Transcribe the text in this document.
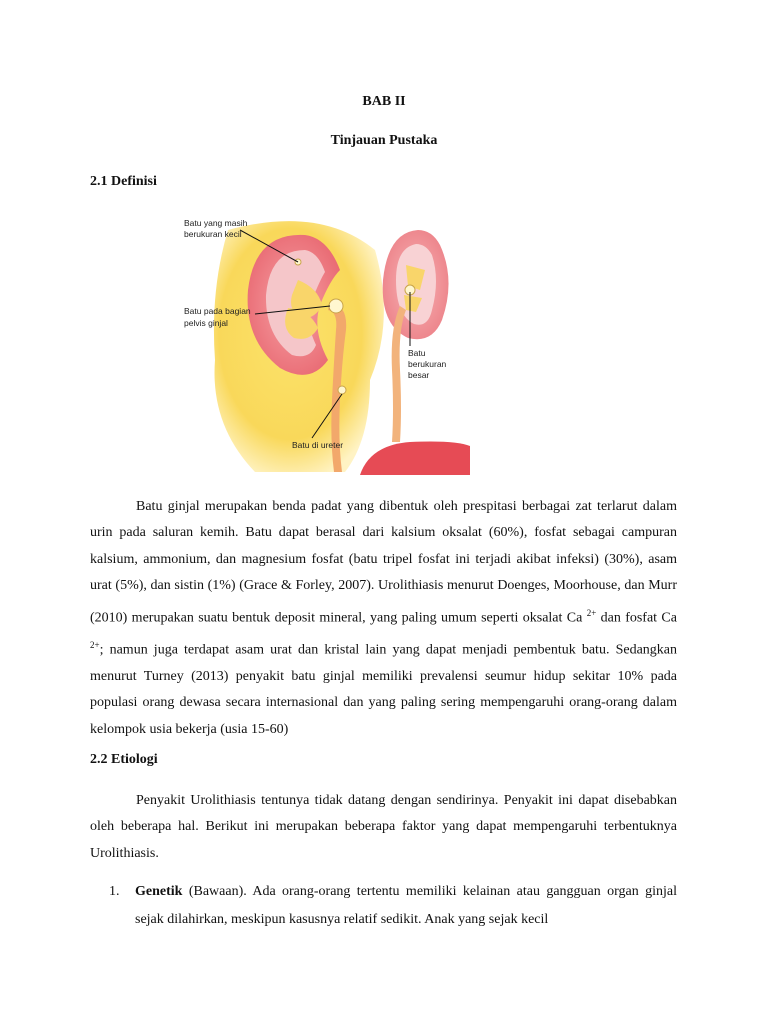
BAB II
Tinjauan Pustaka
2.1 Definisi
Batu yang masih
berukuran kecil
Batu pada bagian
pelvis ginjal
Batu
berukuran
besar
Batu di ureter

Batu ginjal merupakan benda padat yang dibentuk oleh prespitasi berbagai zat terlarut dalam urin pada saluran kemih. Batu dapat berasal dari kalsium oksalat (60%), fosfat sebagai campuran kalsium, ammonium, dan magnesium fosfat (batu tripel fosfat ini terjadi akibat infeksi) (30%), asam urat (5%), dan sistin (1%) (Grace & Forley, 2007). Urolithiasis menurut Doenges, Moorhouse, dan Murr (2010) merupakan suatu bentuk deposit mineral, yang paling umum seperti oksalat Ca $^{2+}$ dan fosfat Ca $^{2+}$; namun juga terdapat asam urat dan kristal lain yang dapat menjadi pembentuk batu. Sedangkan menurut Turney (2013) penyakit batu ginjal memiliki prevalensi seumur hidup sekitar 10% pada populasi orang dewasa secara internasional dan yang paling sering mempengaruhi orang-orang dalam kelompok usia bekerja (usia 15-60)

2.2 Etiologi

Penyakit Urolithiasis tentunya tidak datang dengan sendirinya. Penyakit ini dapat disebabkan oleh beberapa hal. Berikut ini merupakan beberapa faktor yang dapat mempengaruhi terbentuknya Urolithiasis.

1.	Genetik (Bawaan). Ada orang-orang tertentu memiliki kelainan atau gangguan organ ginjal sejak dilahirkan, meskipun kasusnya relatif sedikit. Anak yang sejak kecil
